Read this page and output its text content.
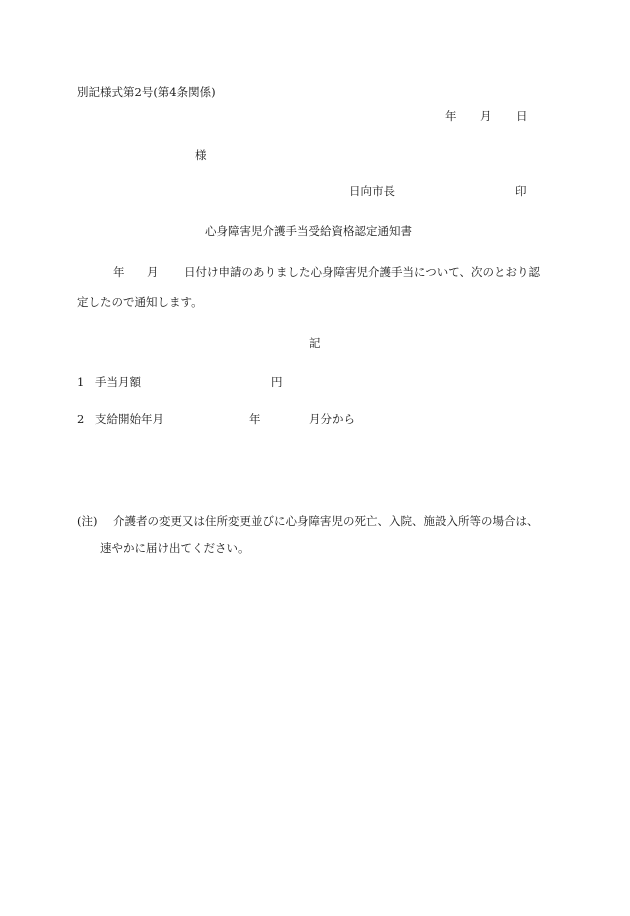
別記様式第2号(第4条関係)
年 月 日
様
日向市長	印
心身障害児介護手当受給資格認定通知書
年 月 日付け申請のありました心身障害児介護手当について、次のとおり認
定したので通知します。
記
1 手当月額	円
2 支給開始年月	年	月分から
(注) 介護者の変更又は住所変更並びに心身障害児の死亡、入院、施設入所等の場合は、
速やかに届け出てください。
